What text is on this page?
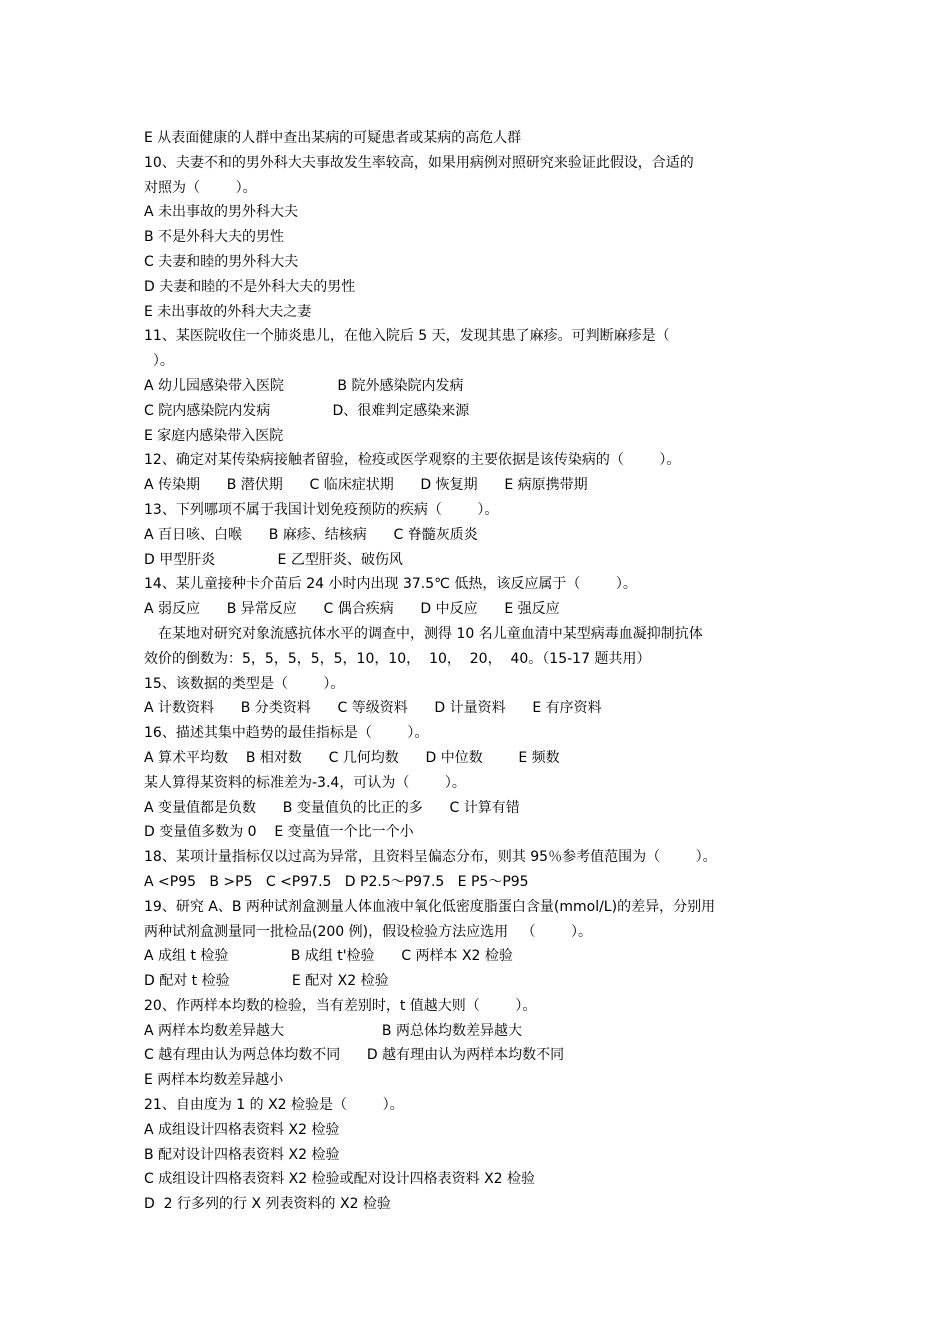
E 从表面健康的人群中查出某病的可疑患者或某病的高危人群
10、夫妻不和的男外科大夫事故发生率较高，如果用病例对照研究来验证此假设，合适的
对照为（        ）。
A 未出事故的男外科大夫
B 不是外科大夫的男性
C 夫妻和睦的男外科大夫
D 夫妻和睦的不是外科大夫的男性
E 未出事故的外科大夫之妻
11、某医院收住一个肺炎患儿，在他入院后 5 天，发现其患了麻疹。可判断麻疹是（
）。
A 幼儿园感染带入医院            B 院外感染院内发病
C 院内感染院内发病              D、很难判定感染来源
E 家庭内感染带入医院
12、确定对某传染病接触者留验，检疫或医学观察的主要依据是该传染病的（        ）。
A 传染期      B 潜伏期      C 临床症状期      D 恢复期      E 病原携带期
13、下列哪项不属于我国计划免疫预防的疾病（        ）。
A 百日咳、白喉      B 麻疹、结核病      C 脊髓灰质炎
D 甲型肝炎              E 乙型肝炎、破伤风
14、某儿童接种卡介苗后 24 小时内出现 37.5℃ 低热，该反应属于（        ）。
A 弱反应      B 异常反应      C 偶合疾病      D 中反应      E 强反应
在某地对研究对象流感抗体水平的调查中，测得 10 名儿童血清中某型病毒血凝抑制抗体
效价的倒数为：5，5，5，5，5，10，10，  10，  20，  40。（15-17 题共用）
15、该数据的类型是（        ）。
A 计数资料      B 分类资料      C 等级资料      D 计量资料      E 有序资料
16、描述其集中趋势的最佳指标是（        ）。
A 算术平均数    B 相对数      C 几何均数      D 中位数        E 频数
某人算得某资料的标准差为-3.4，可认为（        ）。
A 变量值都是负数      B 变量值负的比正的多      C 计算有错
D 变量值多数为 0    E 变量值一个比一个小
18、某项计量指标仅以过高为异常，且资料呈偏态分布，则其 95％参考值范围为（        ）。
A <P95   B >P5   C <P97.5   D P2.5～P97.5   E P5～P95
19、研究 A、B 两种试剂盒测量人体血液中氧化低密度脂蛋白含量(mmol/L)的差异，分别用
两种试剂盒测量同一批检品(200 例)，假设检验方法应选用   （        ）。
A 成组 t 检验              B 成组 t'检验      C 两样本 X2 检验
D 配对 t 检验              E 配对 X2 检验
20、作两样本均数的检验，当有差别时，t 值越大则（        ）。
A 两样本均数差异越大                      B 两总体均数差异越大
C 越有理由认为两总体均数不同      D 越有理由认为两样本均数不同
E 两样本均数差异越小
21、自由度为 1 的 X2 检验是（        ）。
A 成组设计四格表资料 X2 检验
B 配对设计四格表资料 X2 检验
C 成组设计四格表资料 X2 检验或配对设计四格表资料 X2 检验
D  2 行多列的行 X 列表资料的 X2 检验
